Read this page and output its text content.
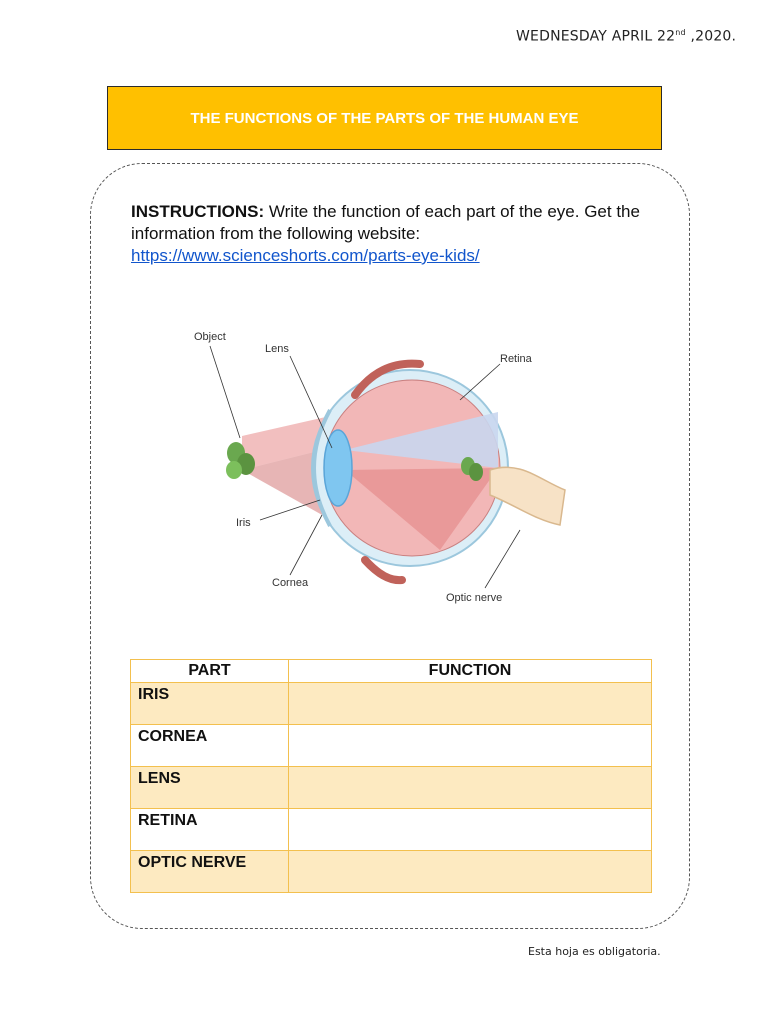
WEDNESDAY APRIL 22nd ,2020.
THE FUNCTIONS OF THE PARTS OF THE HUMAN EYE
INSTRUCTIONS: Write the function of each part of the eye. Get the information from the following website:
https://www.scienceshorts.com/parts-eye-kids/
Object
Lens
Retina
Iris
Cornea
Optic nerve
PART	FUNCTION
IRIS	
CORNEA	
LENS	
RETINA	
OPTIC NERVE	
Esta hoja es obligatoria.
